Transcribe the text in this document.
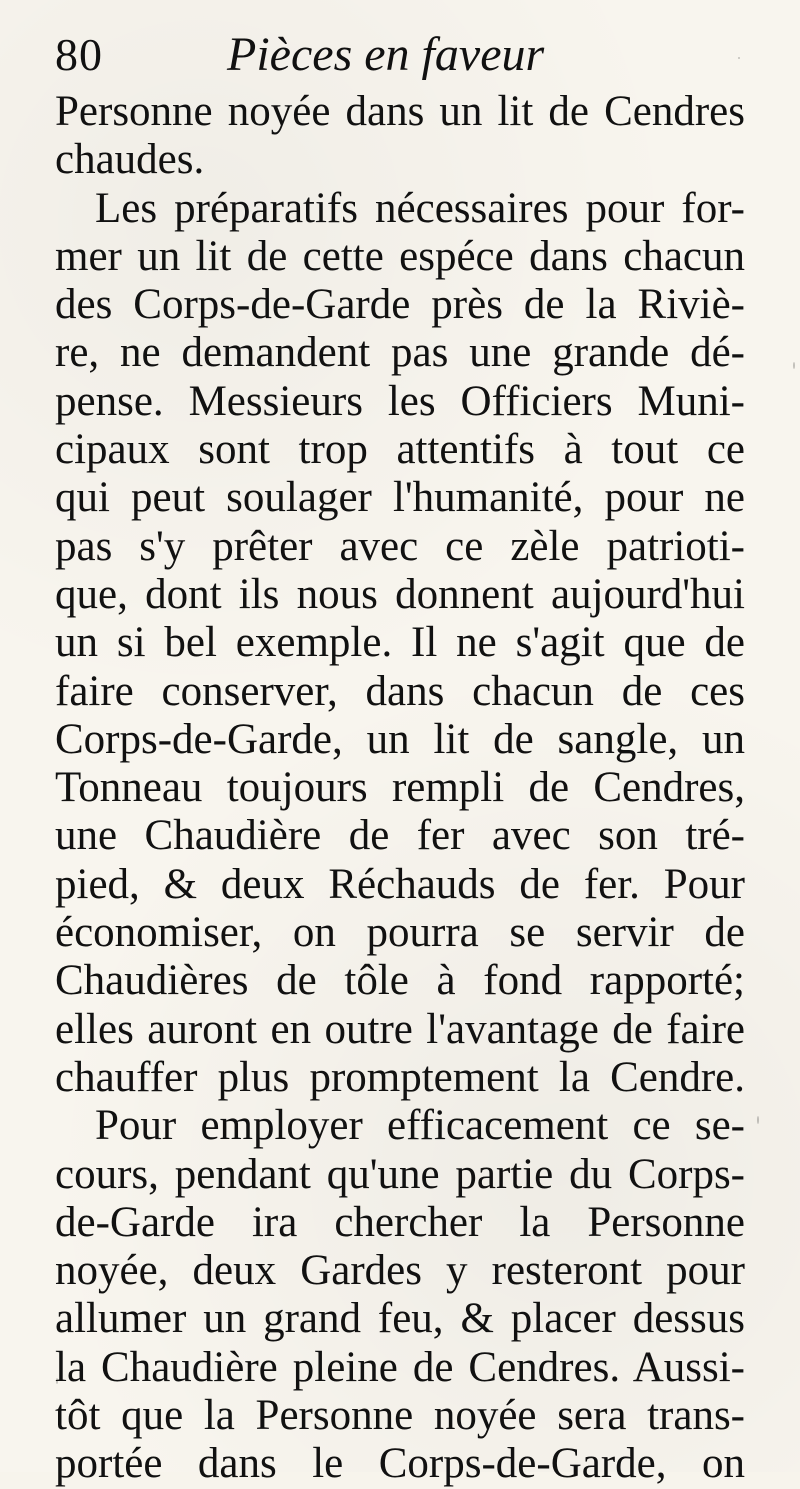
80	Pièces en faveur
Personne noyée dans un lit de Cendres
chaudes.
Les préparatifs nécessaires pour for-
mer un lit de cette espéce dans chacun
des Corps-de-Garde près de la Riviè-
re, ne demandent pas une grande dé-
pense. Messieurs les Officiers Muni-
cipaux sont trop attentifs à tout ce
qui peut soulager l'humanité, pour ne
pas s'y prêter avec ce zèle patrioti-
que, dont ils nous donnent aujourd'hui
un si bel exemple. Il ne s'agit que de
faire conserver, dans chacun de ces
Corps-de-Garde, un lit de sangle, un
Tonneau toujours rempli de Cendres,
une Chaudière de fer avec son tré-
pied, & deux Réchauds de fer. Pour
économiser, on pourra se servir de
Chaudières de tôle à fond rapporté;
elles auront en outre l'avantage de faire
chauffer plus promptement la Cendre.
Pour employer efficacement ce se-
cours, pendant qu'une partie du Corps-
de-Garde ira chercher la Personne
noyée, deux Gardes y resteront pour
allumer un grand feu, & placer dessus
la Chaudière pleine de Cendres. Aussi-
tôt que la Personne noyée sera trans-
portée dans le Corps-de-Garde, on
